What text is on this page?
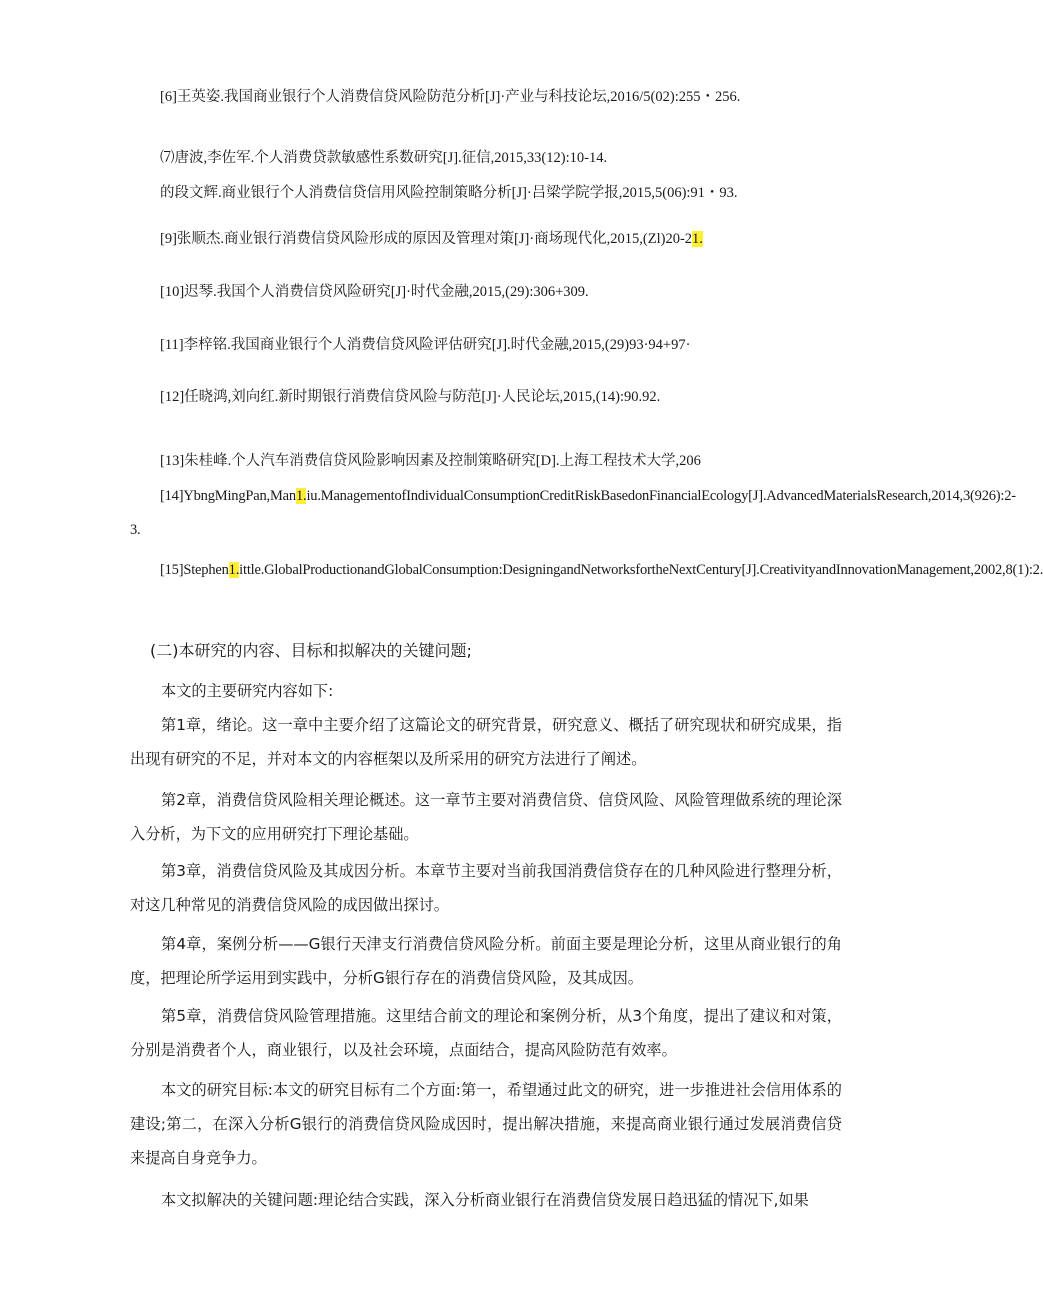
[6]王英姿.我国商业银行个人消费信贷风险防范分析[J]·产业与科技论坛,2016/5(02):255・256.
⑺唐波,李佐军.个人消费贷款敏感性系数研究[J].征信,2015,33(12):10-14.
的段文辉.商业银行个人消费信贷信用风险控制策略分析[J]·吕梁学院学报,2015,5(06):91・93.
[9]张顺杰.商业银行消费信贷风险形成的原因及管理对策[J]·商场现代化,2015,(Zl)20-21.
[10]迟琴.我国个人消费信贷风险研究[J]·时代金融,2015,(29):306+309.
[11]李梓铭.我国商业银行个人消费信贷风险评估研究[J].时代金融,2015,(29)93·94+97·
[12]任晓鸿,刘向红.新时期银行消费信贷风险与防范[J]·人民论坛,2015,(14):90.92.
[13]朱桂峰.个人汽车消费信贷风险影响因素及控制策略研究[D].上海工程技术大学,206
[14]YbngMingPan,Man1.iu.ManagementofIndividualConsumptionCreditRiskBasedonFinancialEcology[J].AdvancedMaterialsResearch,2014,3(926):2-3.
[15]Stephen1.ittle.GlobalProductionandGlobalConsumption:DesigningandNetworksfortheNextCentury[J].CreativityandInnovationManagement,2002,8(1):2.
(二)本研究的内容、目标和拟解决的关键问题;
本文的主要研究内容如下:
第1章，绪论。这一章中主要介绍了这篇论文的研究背景，研究意义、概括了研究现状和研究成果，指出现有研究的不足，并对本文的内容框架以及所采用的研究方法进行了阐述。
第2章，消费信贷风险相关理论概述。这一章节主要对消费信贷、信贷风险、风险管理做系统的理论深入分析，为下文的应用研究打下理论基础。
第3章，消费信贷风险及其成因分析。本章节主要对当前我国消费信贷存在的几种风险进行整理分析，对这几种常见的消费信贷风险的成因做出探讨。
第4章，案例分析——G银行天津支行消费信贷风险分析。前面主要是理论分析，这里从商业银行的角度，把理论所学运用到实践中，分析G银行存在的消费信贷风险，及其成因。
第5章，消费信贷风险管理措施。这里结合前文的理论和案例分析，从3个角度，提出了建议和对策，分别是消费者个人，商业银行，以及社会环境，点面结合，提高风险防范有效率。
本文的研究目标:本文的研究目标有二个方面:第一，希望通过此文的研究，进一步推进社会信用体系的建设;第二，在深入分析G银行的消费信贷风险成因时，提出解决措施，来提高商业银行通过发展消费信贷来提高自身竞争力。
本文拟解决的关键问题:理论结合实践，深入分析商业银行在消费信贷发展日趋迅猛的情况下,如果
